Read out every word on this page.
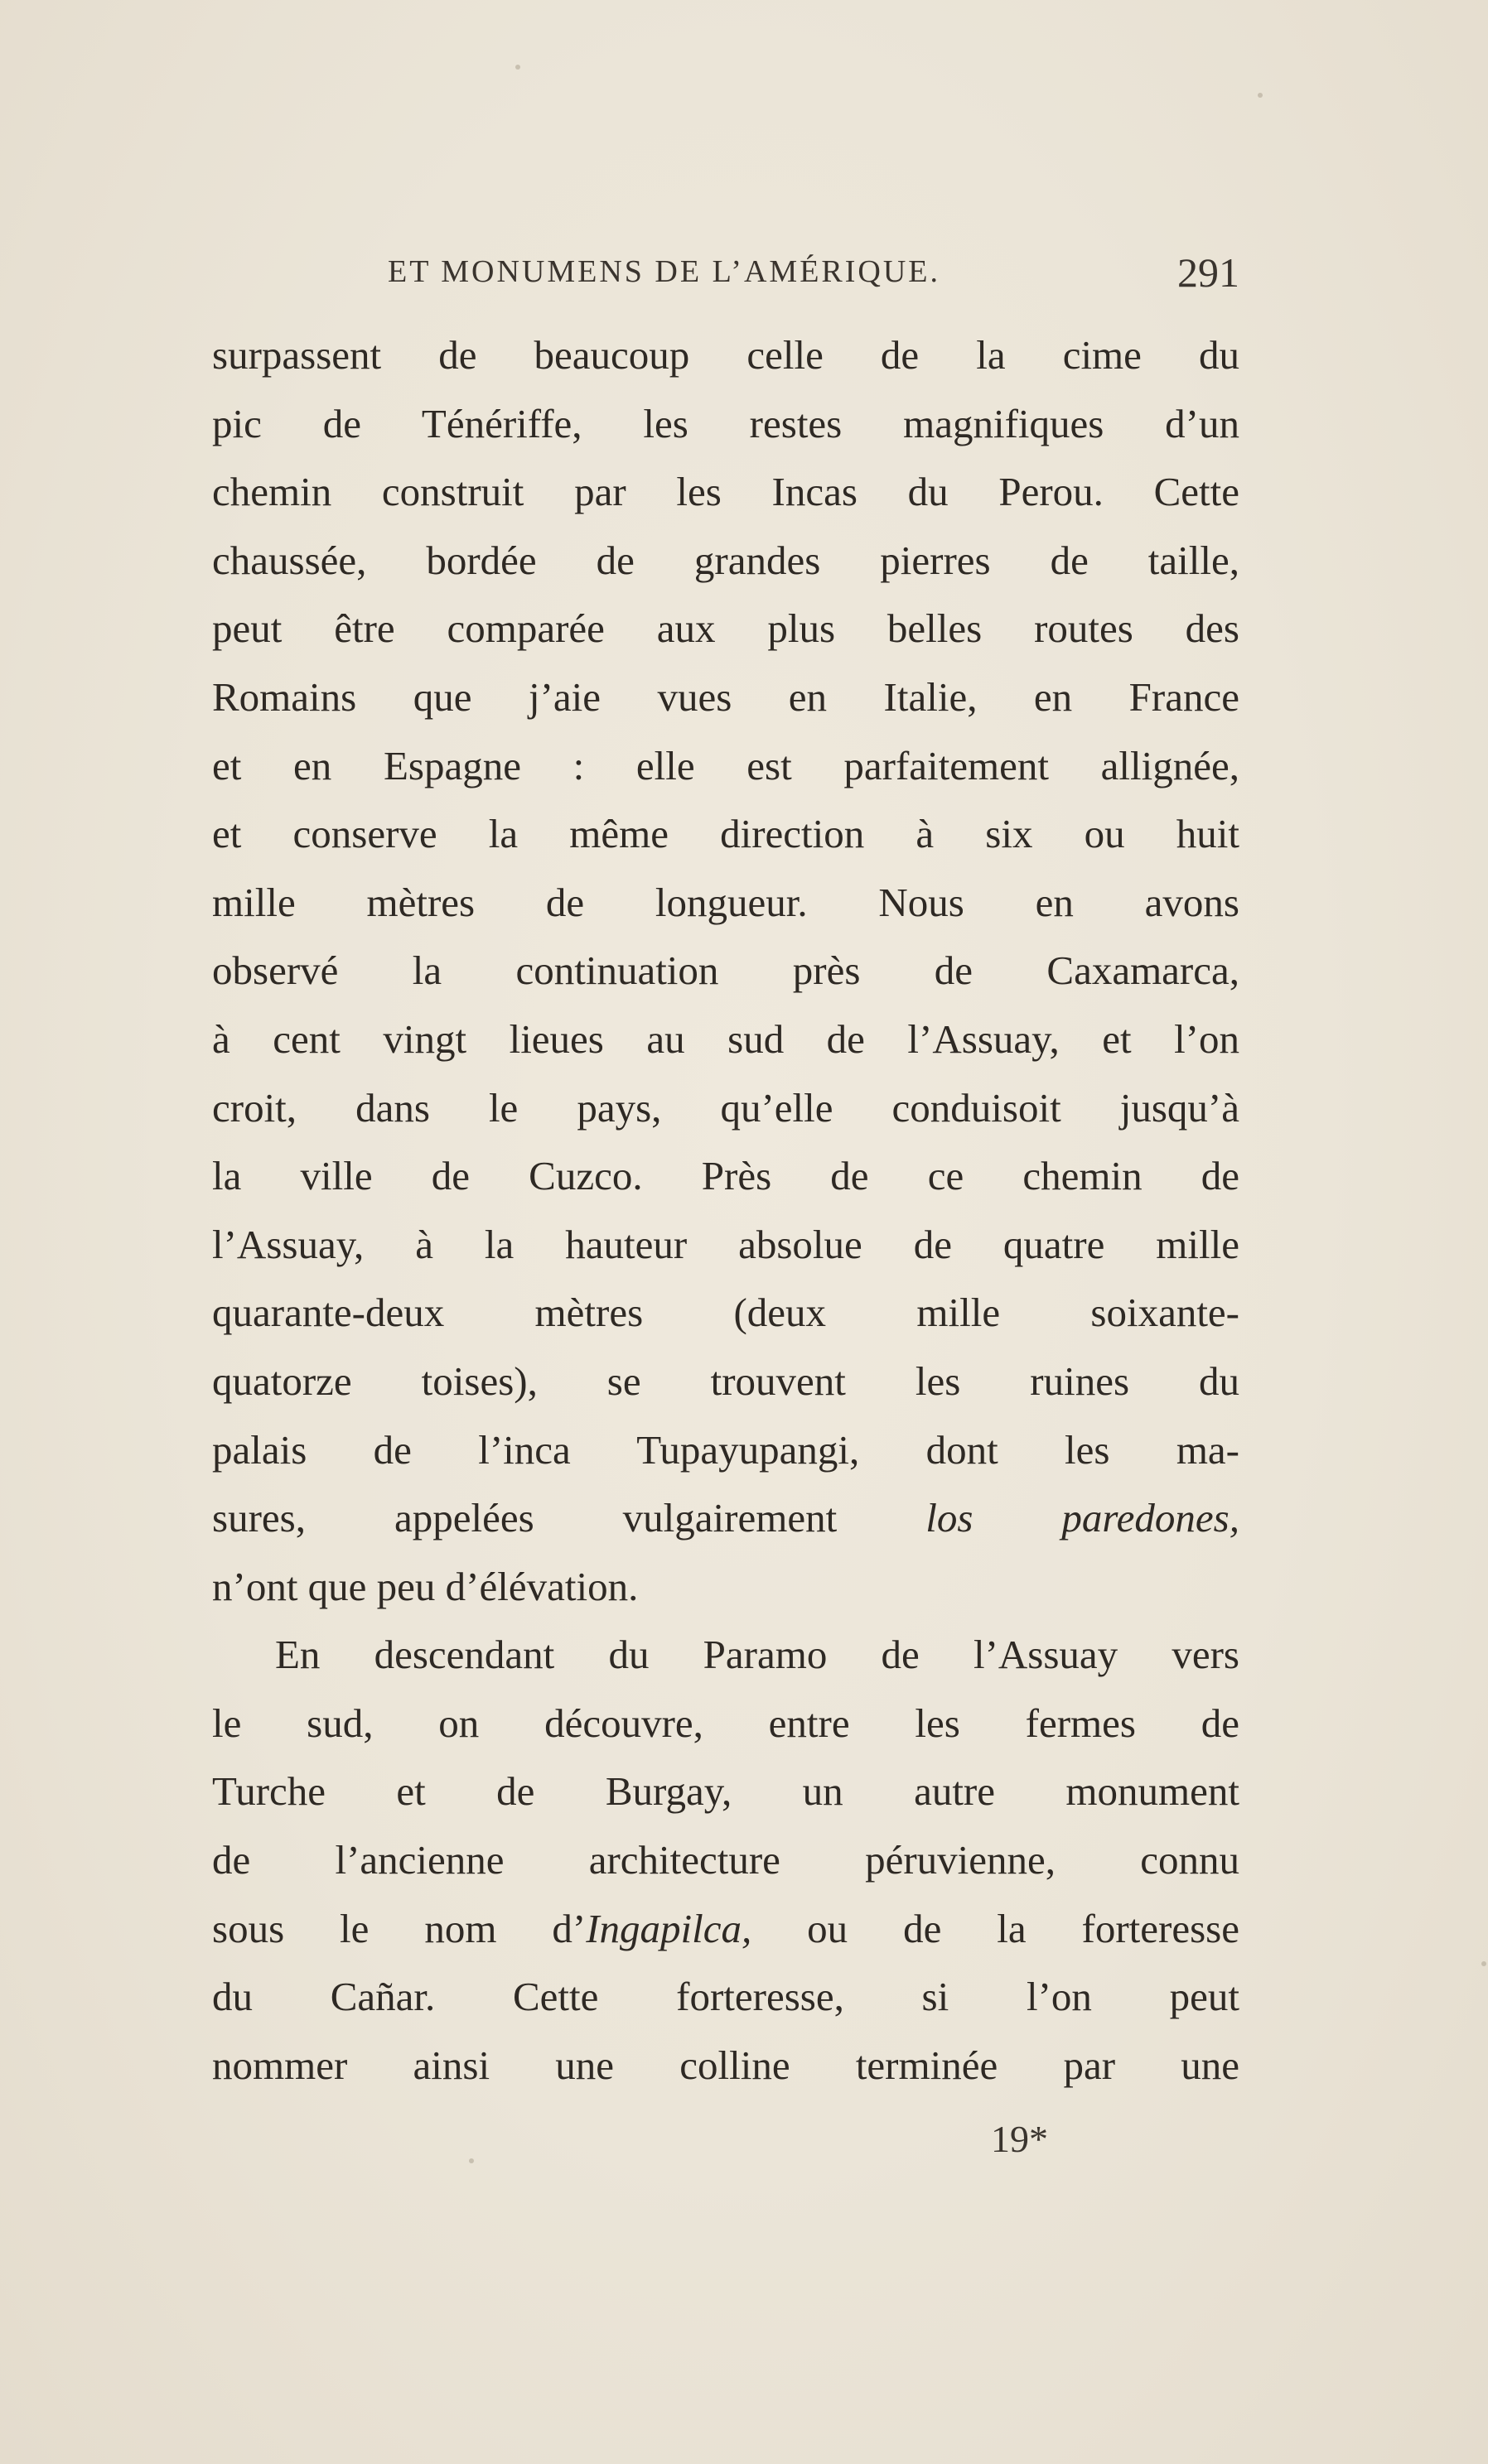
ET MONUMENS DE L’AMÉRIQUE.	291
surpassent de beaucoup celle de la cime du
pic de Ténériffe, les restes magnifiques d’un
chemin construit par les Incas du Perou. Cette
chaussée, bordée de grandes pierres de taille,
peut être comparée aux plus belles routes des
Romains que j’aie vues en Italie, en France
et en Espagne : elle est parfaitement allignée,
et conserve la même direction à six ou huit
mille mètres de longueur. Nous en avons
observé la continuation près de Caxamarca,
à cent vingt lieues au sud de l’Assuay, et l’on
croit, dans le pays, qu’elle conduisoit jusqu’à
la ville de Cuzco. Près de ce chemin de
l’Assuay, à la hauteur absolue de quatre mille
quarante-deux mètres (deux mille soixante-
quatorze toises), se trouvent les ruines du
palais de l’inca Tupayupangi, dont les ma-
sures, appelées vulgairement los paredones,
n’ont que peu d’élévation.
En descendant du Paramo de l’Assuay vers
le sud, on découvre, entre les fermes de
Turche et de Burgay, un autre monument
de l’ancienne architecture péruvienne, connu
sous le nom d’Ingapilca, ou de la forteresse
du Cañar. Cette forteresse, si l’on peut
nommer ainsi une colline terminée par une
19*
